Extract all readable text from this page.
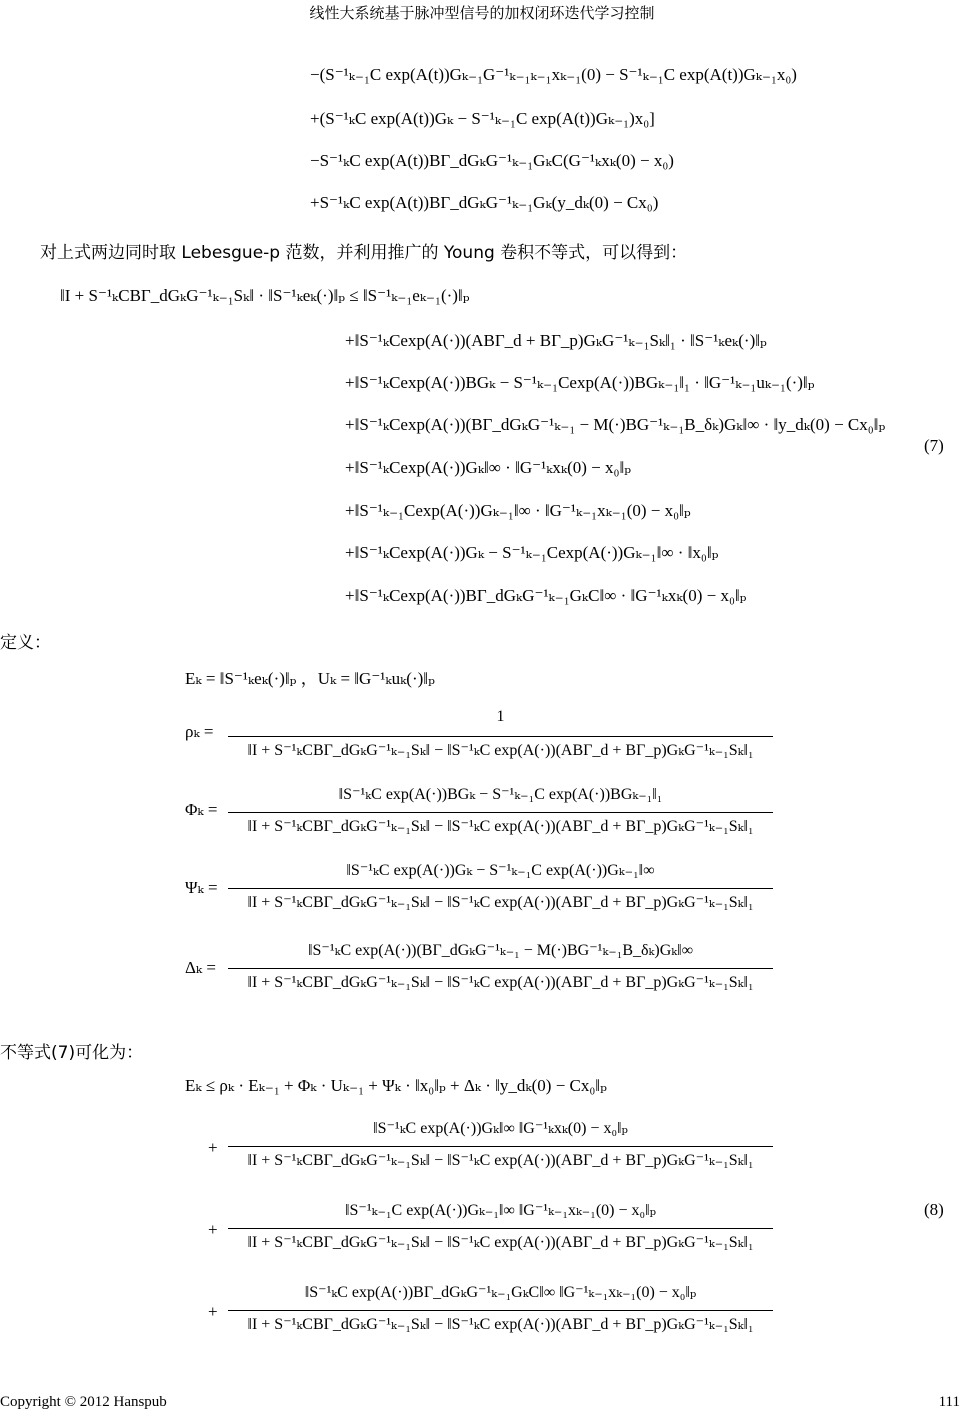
线性大系统基于脉冲型信号的加权闭环迭代学习控制
−(S⁻¹ₖ₋₁C exp(A(t))Gₖ₋₁G⁻¹ₖ₋₁ₖ₋₁xₖ₋₁(0) − S⁻¹ₖ₋₁C exp(A(t))Gₖ₋₁x₀)
+(S⁻¹ₖC exp(A(t))Gₖ − S⁻¹ₖ₋₁C exp(A(t))Gₖ₋₁)x₀]
−S⁻¹ₖC exp(A(t))BΓ_dGₖG⁻¹ₖ₋₁GₖC(G⁻¹ₖxₖ(0) − x₀)
+S⁻¹ₖC exp(A(t))BΓ_dGₖG⁻¹ₖ₋₁Gₖ(y_dₖ(0) − Cx₀)
对上式两边同时取 Lebesgue-p 范数，并利用推广的 Young 卷积不等式，可以得到：
‖I + S⁻¹ₖCBΓ_dGₖG⁻¹ₖ₋₁Sₖ‖ · ‖S⁻¹ₖeₖ(·)‖ₚ ≤ ‖S⁻¹ₖ₋₁eₖ₋₁(·)‖ₚ
+‖S⁻¹ₖCexp(A(·))(ABΓ_d + BΓ_p)GₖG⁻¹ₖ₋₁Sₖ‖₁ · ‖S⁻¹ₖeₖ(·)‖ₚ
+‖S⁻¹ₖCexp(A(·))BGₖ − S⁻¹ₖ₋₁Cexp(A(·))BGₖ₋₁‖₁ · ‖G⁻¹ₖ₋₁uₖ₋₁(·)‖ₚ
+‖S⁻¹ₖCexp(A(·))(BΓ_dGₖG⁻¹ₖ₋₁ − M(·)BG⁻¹ₖ₋₁B_δₖ)Gₖ‖∞ · ‖y_dₖ(0) − Cx₀‖ₚ
(7)
+‖S⁻¹ₖCexp(A(·))Gₖ‖∞ · ‖G⁻¹ₖxₖ(0) − x₀‖ₚ
+‖S⁻¹ₖ₋₁Cexp(A(·))Gₖ₋₁‖∞ · ‖G⁻¹ₖ₋₁xₖ₋₁(0) − x₀‖ₚ
+‖S⁻¹ₖCexp(A(·))Gₖ − S⁻¹ₖ₋₁Cexp(A(·))Gₖ₋₁‖∞ · ‖x₀‖ₚ
+‖S⁻¹ₖCexp(A(·))BΓ_dGₖG⁻¹ₖ₋₁GₖC‖∞ · ‖G⁻¹ₖxₖ(0) − x₀‖ₚ
定义：
Eₖ = ‖S⁻¹ₖeₖ(·)‖ₚ ，Uₖ = ‖G⁻¹ₖuₖ(·)‖ₚ
ρₖ =
1
‖I + S⁻¹ₖCBΓ_dGₖG⁻¹ₖ₋₁Sₖ‖ − ‖S⁻¹ₖC exp(A(·))(ABΓ_d + BΓ_p)GₖG⁻¹ₖ₋₁Sₖ‖₁
Φₖ =
‖S⁻¹ₖC exp(A(·))BGₖ − S⁻¹ₖ₋₁C exp(A(·))BGₖ₋₁‖₁
‖I + S⁻¹ₖCBΓ_dGₖG⁻¹ₖ₋₁Sₖ‖ − ‖S⁻¹ₖC exp(A(·))(ABΓ_d + BΓ_p)GₖG⁻¹ₖ₋₁Sₖ‖₁
Ψₖ =
‖S⁻¹ₖC exp(A(·))Gₖ − S⁻¹ₖ₋₁C exp(A(·))Gₖ₋₁‖∞
‖I + S⁻¹ₖCBΓ_dGₖG⁻¹ₖ₋₁Sₖ‖ − ‖S⁻¹ₖC exp(A(·))(ABΓ_d + BΓ_p)GₖG⁻¹ₖ₋₁Sₖ‖₁
Δₖ =
‖S⁻¹ₖC exp(A(·))(BΓ_dGₖG⁻¹ₖ₋₁ − M(·)BG⁻¹ₖ₋₁B_δₖ)Gₖ‖∞
‖I + S⁻¹ₖCBΓ_dGₖG⁻¹ₖ₋₁Sₖ‖ − ‖S⁻¹ₖC exp(A(·))(ABΓ_d + BΓ_p)GₖG⁻¹ₖ₋₁Sₖ‖₁
不等式(7)可化为：
Eₖ ≤ ρₖ · Eₖ₋₁ + Φₖ · Uₖ₋₁ + Ψₖ · ‖x₀‖ₚ + Δₖ · ‖y_dₖ(0) − Cx₀‖ₚ
+
‖S⁻¹ₖC exp(A(·))Gₖ‖∞ ‖G⁻¹ₖxₖ(0) − x₀‖ₚ
‖I + S⁻¹ₖCBΓ_dGₖG⁻¹ₖ₋₁Sₖ‖ − ‖S⁻¹ₖC exp(A(·))(ABΓ_d + BΓ_p)GₖG⁻¹ₖ₋₁Sₖ‖₁
+
‖S⁻¹ₖ₋₁C exp(A(·))Gₖ₋₁‖∞ ‖G⁻¹ₖ₋₁xₖ₋₁(0) − x₀‖ₚ
‖I + S⁻¹ₖCBΓ_dGₖG⁻¹ₖ₋₁Sₖ‖ − ‖S⁻¹ₖC exp(A(·))(ABΓ_d + BΓ_p)GₖG⁻¹ₖ₋₁Sₖ‖₁
(8)
+
‖S⁻¹ₖC exp(A(·))BΓ_dGₖG⁻¹ₖ₋₁GₖC‖∞ ‖G⁻¹ₖ₋₁xₖ₋₁(0) − x₀‖ₚ
‖I + S⁻¹ₖCBΓ_dGₖG⁻¹ₖ₋₁Sₖ‖ − ‖S⁻¹ₖC exp(A(·))(ABΓ_d + BΓ_p)GₖG⁻¹ₖ₋₁Sₖ‖₁
Copyright © 2012 Hanspub	111
